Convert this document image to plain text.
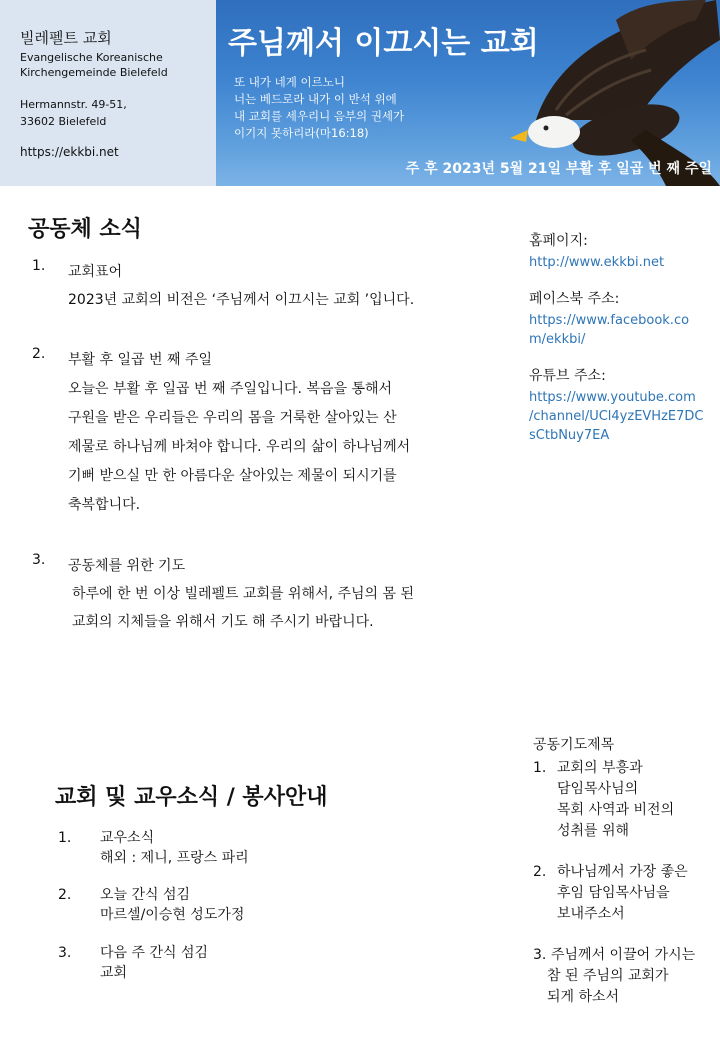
빌레펠트 교회
Evangelische Koreanische
Kirchengemeinde Bielefeld
Hermannstr. 49-51,
33602 Bielefeld
https://ekkbi.net
주님께서 이끄시는 교회
또 내가 네게 이르노니
너는 베드로라 내가 이 반석 위에
내 교회를 세우리니 음부의 권세가
이기지 못하리라(마16:18)
주 후 2023년 5월 21일 부활 후 일곱 번 째 주일
공동체 소식
1. 교회표어
2023년 교회의 비전은 ‘주님께서 이끄시는 교회 ’입니다.
2. 부활 후 일곱 번 째 주일
오늘은 부활 후 일곱 번 째 주일입니다. 복음을 통해서
구원을 받은 우리들은 우리의 몸을 거룩한 살아있는 산
제물로 하나님께 바쳐야 합니다. 우리의 삶이 하나님께서
기뻐 받으실 만 한 아름다운 살아있는 제물이 되시기를
축복합니다.
3. 공동체를 위한 기도
하루에 한 번 이상 빌레펠트 교회를 위해서, 주님의 몸 된
교회의 지체들을 위해서 기도 해 주시기 바랍니다.
홈페이지:
http://www.ekkbi.net
페이스북 주소:
https://www.facebook.co
m/ekkbi/
유튜브 주소:
https://www.youtube.com
/channel/UCl4yzEVHzE7DC
sCtbNuy7EA
공동기도제목
1. 교회의 부흥과
담임목사님의
목회 사역과 비전의
성취를 위해
2. 하나님께서 가장 좋은
후임 담임목사님을
보내주소서
3. 주님께서 이끌어 가시는
참 된 주님의 교회가
되게 하소서
교회 및 교우소식 / 봉사안내
1. 교우소식
해외 : 제니, 프랑스 파리
2. 오늘 간식 섬김
마르셀/이승현 성도가정
3. 다음 주 간식 섬김
교회
